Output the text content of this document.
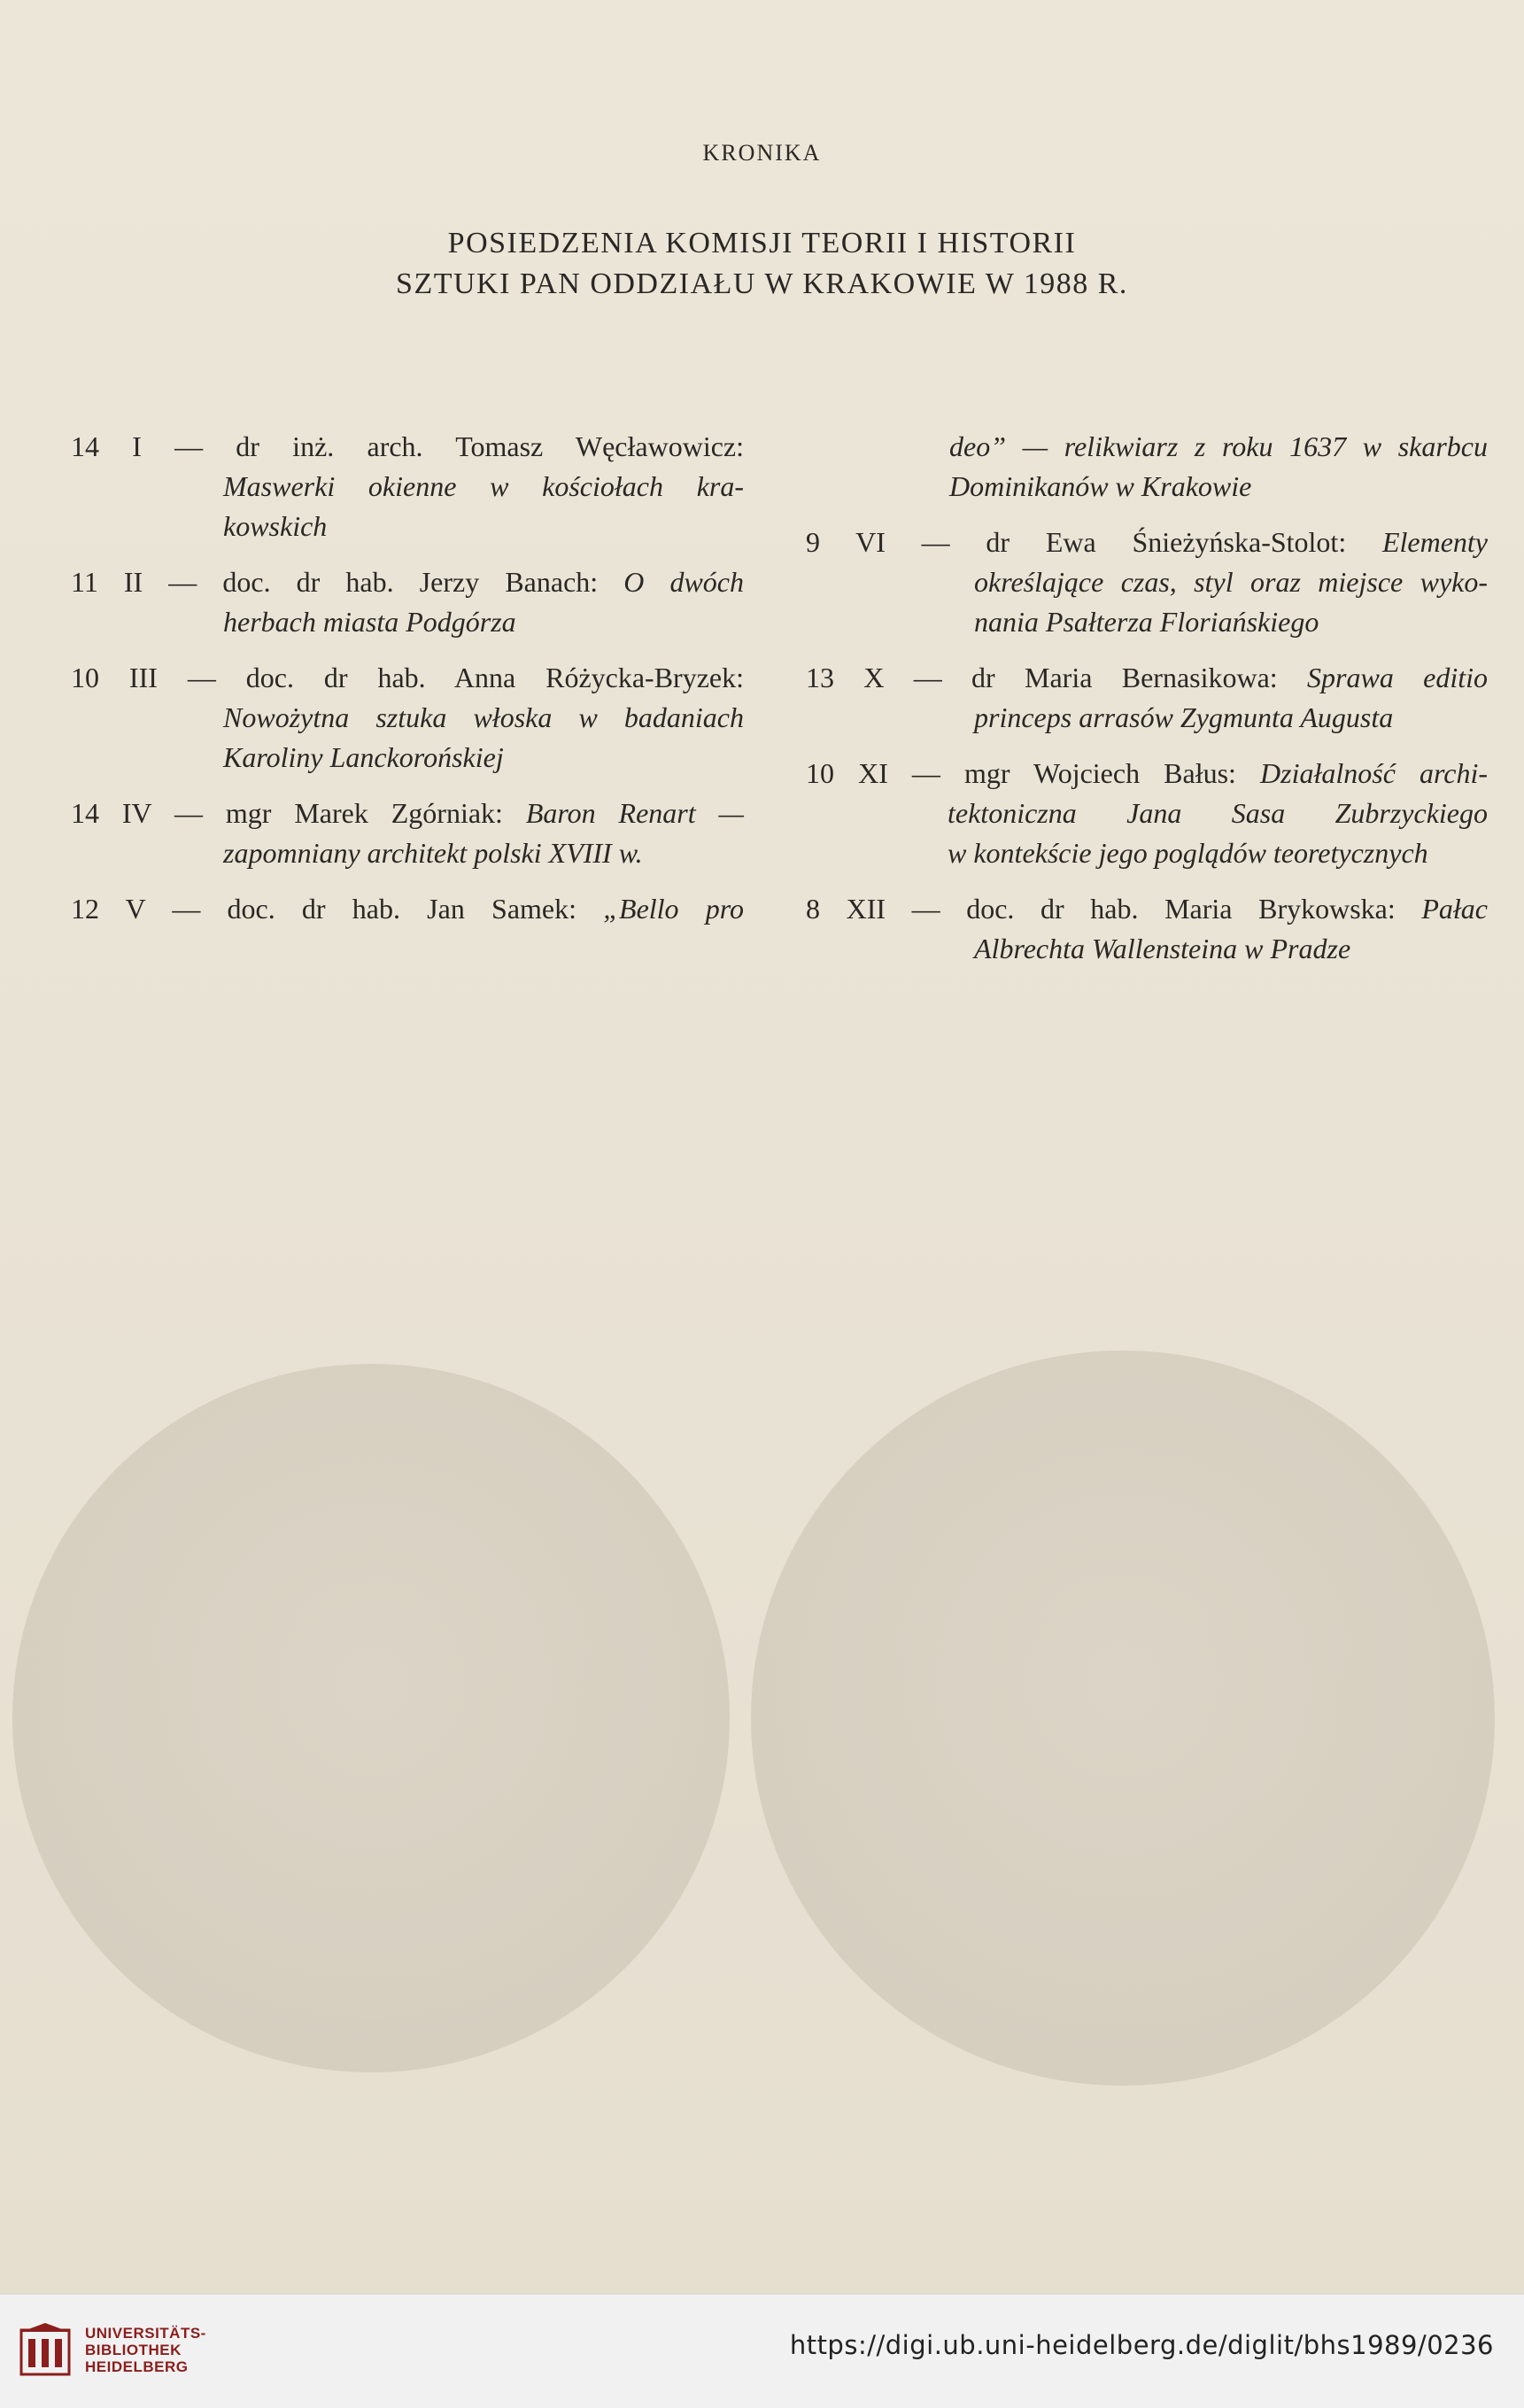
KRONIKA
POSIEDZENIA KOMISJI TEORII I HISTORII
SZTUKI PAN ODDZIAŁU W KRAKOWIE W 1988 R.
14 I — dr inż. arch. Tomasz Węcławowicz:
Maswerki okienne w kościołach kra-
kowskich
11 II — doc. dr hab. Jerzy Banach: O dwóch
herbach miasta Podgórza
10 III — doc. dr hab. Anna Różycka-Bryzek:
Nowożytna sztuka włoska w badaniach
Karoliny Lanckorońskiej
14 IV — mgr Marek Zgórniak: Baron Renart —
zapomniany architekt polski XVIII w.
12 V — doc. dr hab. Jan Samek: „Bello pro
deo” — relikwiarz z roku 1637 w skarbcu
Dominikanów w Krakowie
9 VI — dr Ewa Śnieżyńska-Stolot: Elementy
określające czas, styl oraz miejsce wyko-
nania Psałterza Floriańskiego
13 X — dr Maria Bernasikowa: Sprawa editio
princeps arrasów Zygmunta Augusta
10 XI — mgr Wojciech Bałus: Działalność archi-
tektoniczna Jana Sasa Zubrzyckiego
w kontekście jego poglądów teoretycznych
8 XII — doc. dr hab. Maria Brykowska: Pałac
Albrechta Wallensteina w Pradze
UNIVERSITÄTS-
BIBLIOTHEK
HEIDELBERG
https://digi.ub.uni-heidelberg.de/diglit/bhs1989/0236
